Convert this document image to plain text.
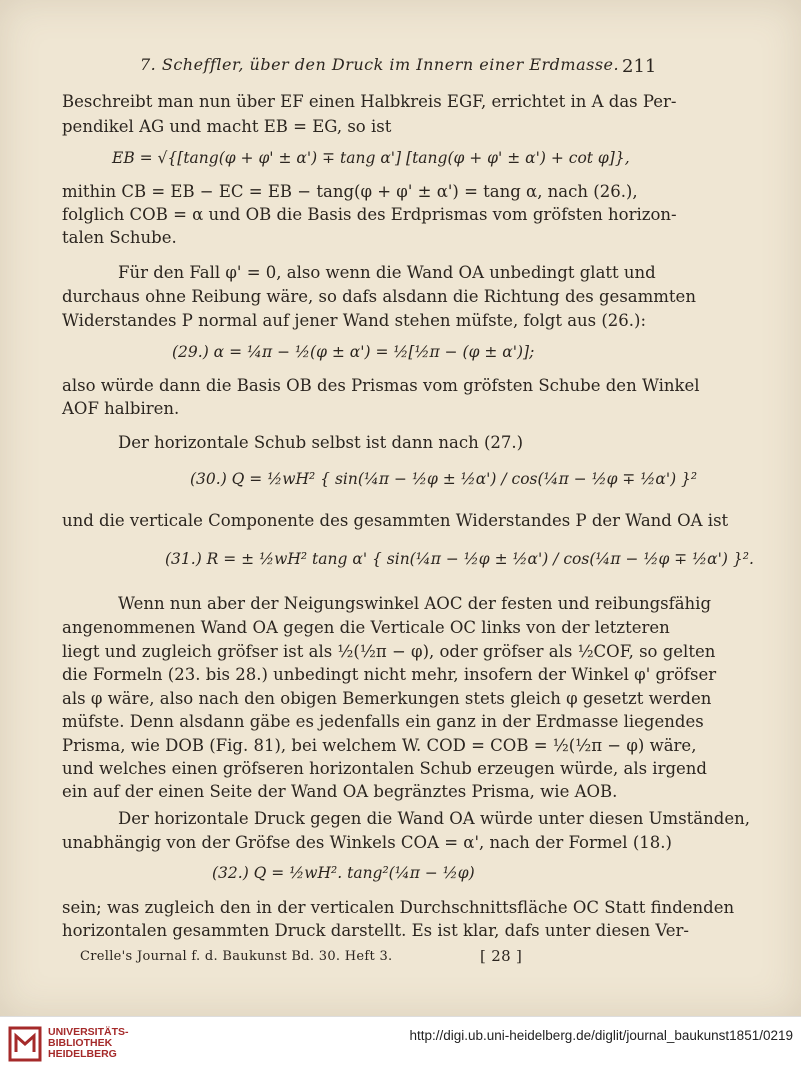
7. Scheffler, über den Druck im Innern einer Erdmasse. 211
Beschreibt man nun über EF einen Halbkreis EGF, errichtet in A das Per-
pendikel AG und macht EB = EG, so ist
EB = √{[tang(φ + φ' ± α') ∓ tang α'] [tang(φ + φ' ± α') + cot φ]},
mithin CB = EB − EC = EB − tang(φ + φ' ± α') = tang α, nach (26.),
folglich COB = α und OB die Basis des Erdprismas vom gröfsten horizon-
talen Schube.
Für den Fall φ' = 0, also wenn die Wand OA unbedingt glatt und
durchaus ohne Reibung wäre, so dafs alsdann die Richtung des gesammten
Widerstandes P normal auf jener Wand stehen müfste, folgt aus (26.):
(29.) α = ¼π − ½(φ ± α') = ½[½π − (φ ± α')];
also würde dann die Basis OB des Prismas vom gröfsten Schube den Winkel
AOF halbiren.
Der horizontale Schub selbst ist dann nach (27.)
(30.) Q = ½wH² { sin(¼π − ½φ ± ½α') / cos(¼π − ½φ ∓ ½α') }²
und die verticale Componente des gesammten Widerstandes P der Wand OA ist
(31.) R = ± ½wH² tang α' { sin(¼π − ½φ ± ½α') / cos(¼π − ½φ ∓ ½α') }².
Wenn nun aber der Neigungswinkel AOC der festen und reibungsfähig
angenommenen Wand OA gegen die Verticale OC links von der letzteren
liegt und zugleich gröfser ist als ½(½π − φ), oder gröfser als ½COF, so gelten
die Formeln (23. bis 28.) unbedingt nicht mehr, insofern der Winkel φ' gröfser
als φ wäre, also nach den obigen Bemerkungen stets gleich φ gesetzt werden
müfste. Denn alsdann gäbe es jedenfalls ein ganz in der Erdmasse liegendes
Prisma, wie DOB (Fig. 81), bei welchem W. COD = COB = ½(½π − φ) wäre,
und welches einen gröfseren horizontalen Schub erzeugen würde, als irgend
ein auf der einen Seite der Wand OA begränztes Prisma, wie AOB.
Der horizontale Druck gegen die Wand OA würde unter diesen Umständen,
unabhängig von der Gröfse des Winkels COA = α', nach der Formel (18.)
(32.) Q = ½wH². tang²(¼π − ½φ)
sein; was zugleich den in der verticalen Durchschnittsfläche OC Statt findenden
horizontalen gesammten Druck darstellt. Es ist klar, dafs unter diesen Ver-
Crelle's Journal f. d. Baukunst Bd. 30. Heft 3.	[ 28 ]
UNIVERSITÄTS-
BIBLIOTHEK
HEIDELBERG
http://digi.ub.uni-heidelberg.de/diglit/journal_baukunst1851/0219
